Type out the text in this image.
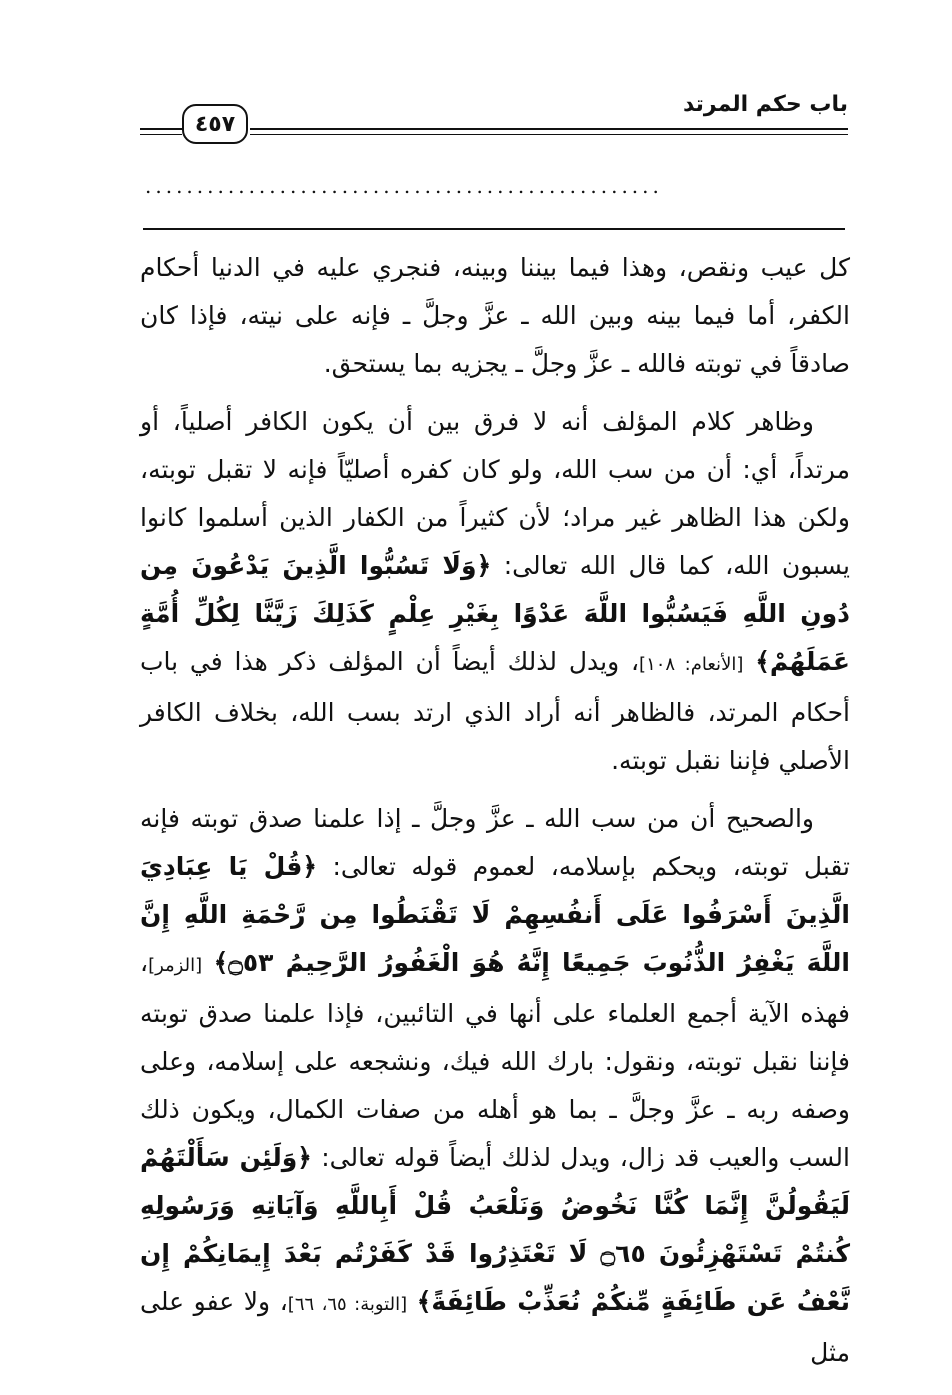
باب حكم المرتد
٤٥٧
..................................................

كل عيب ونقص، وهذا فيما بيننا وبينه، فنجري عليه في الدنيا أحكام الكفر، أما فيما بينه وبين الله ـ عزَّ وجلَّ ـ فإنه على نيته، فإذا كان صادقاً في توبته فالله ـ عزَّ وجلَّ ـ يجزيه بما يستحق.

وظاهر كلام المؤلف أنه لا فرق بين أن يكون الكافر أصلياً، أو مرتداً، أي: أن من سب الله، ولو كان كفره أصليّاً فإنه لا تقبل توبته، ولكن هذا الظاهر غير مراد؛ لأن كثيراً من الكفار الذين أسلموا كانوا يسبون الله، كما قال الله تعالى: ﴿وَلَا تَسُبُّوا الَّذِينَ يَدْعُونَ مِن دُونِ اللَّهِ فَيَسُبُّوا اللَّهَ عَدْوًا بِغَيْرِ عِلْمٍ كَذَلِكَ زَيَّنَّا لِكُلِّ أُمَّةٍ عَمَلَهُمْ﴾ [الأنعام: ١٠٨]، ويدل لذلك أيضاً أن المؤلف ذكر هذا في باب أحكام المرتد، فالظاهر أنه أراد الذي ارتد بسب الله، بخلاف الكافر الأصلي فإننا نقبل توبته.

والصحيح أن من سب الله ـ عزَّ وجلَّ ـ إذا علمنا صدق توبته فإنه تقبل توبته، ويحكم بإسلامه، لعموم قوله تعالى: ﴿قُلْ يَا عِبَادِيَ الَّذِينَ أَسْرَفُوا عَلَى أَنفُسِهِمْ لَا تَقْنَطُوا مِن رَّحْمَةِ اللَّهِ إِنَّ اللَّهَ يَغْفِرُ الذُّنُوبَ جَمِيعًا إِنَّهُ هُوَ الْغَفُورُ الرَّحِيمُ ۝٥٣﴾ [الزمر]، فهذه الآية أجمع العلماء على أنها في التائبين، فإذا علمنا صدق توبته فإننا نقبل توبته، ونقول: بارك الله فيك، ونشجعه على إسلامه، وعلى وصفه ربه ـ عزَّ وجلَّ ـ بما هو أهله من صفات الكمال، ويكون ذلك السب والعيب قد زال، ويدل لذلك أيضاً قوله تعالى: ﴿وَلَئِن سَأَلْتَهُمْ لَيَقُولُنَّ إِنَّمَا كُنَّا نَخُوضُ وَنَلْعَبُ قُلْ أَبِاللَّهِ وَآيَاتِهِ وَرَسُولِهِ كُنتُمْ تَسْتَهْزِئُونَ ۝٦٥ لَا تَعْتَذِرُوا قَدْ كَفَرْتُم بَعْدَ إِيمَانِكُمْ إِن نَّعْفُ عَن طَائِفَةٍ مِّنكُمْ نُعَذِّبْ طَائِفَةً﴾ [التوبة: ٦٥، ٦٦]، ولا عفو على مثل
